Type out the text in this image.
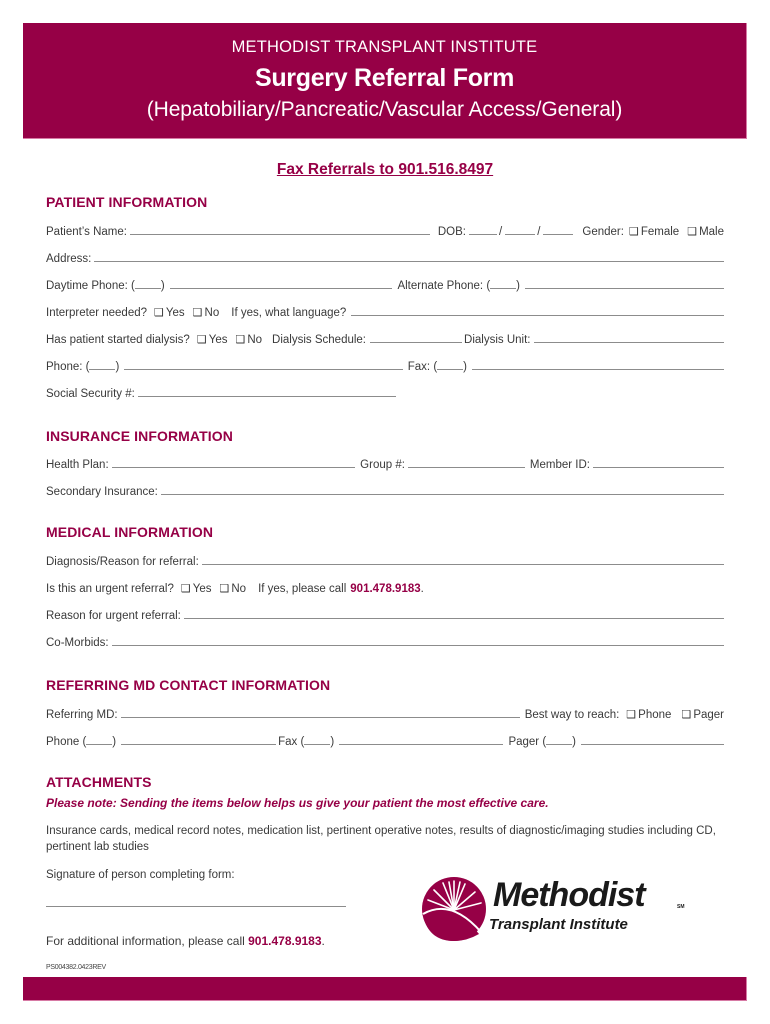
METHODIST TRANSPLANT INSTITUTE
Surgery Referral Form
(Hepatobiliary/Pancreatic/Vascular Access/General)
Fax Referrals to 901.516.8497
PATIENT INFORMATION
Patient’s Name:	DOB:	/	/	Gender: ❑ Female ❑ Male
Address:
Daytime Phone: ( )	Alternate Phone: ( )
Interpreter needed? ❑ Yes ❑ No	If yes, what language?
Has patient started dialysis? ❑ Yes ❑ No Dialysis Schedule:	Dialysis Unit:
Phone: ( )	Fax: ( )
Social Security #:
INSURANCE INFORMATION
Health Plan:	Group #:	Member ID:
Secondary Insurance:
MEDICAL INFORMATION
Diagnosis/Reason for referral:
Is this an urgent referral? ❑ Yes ❑ No	If yes, please call 901.478.9183 .
Reason for urgent referral:
Co-Morbids:
REFERRING MD CONTACT INFORMATION
Referring MD:	Best way to reach: ❑ Phone ❑ Pager
Phone ( )	Fax ( )	Pager ( )
ATTACHMENTS
Please note: Sending the items below helps us give your patient the most effective care.
Insurance cards, medical record notes, medication list, pertinent operative notes, results of diagnostic/imaging studies including CD, pertinent lab studies
Signature of person completing form:
For additional information, please call 901.478.9183.
PS004382.0423REV
Methodist	SM
Transplant Institute
